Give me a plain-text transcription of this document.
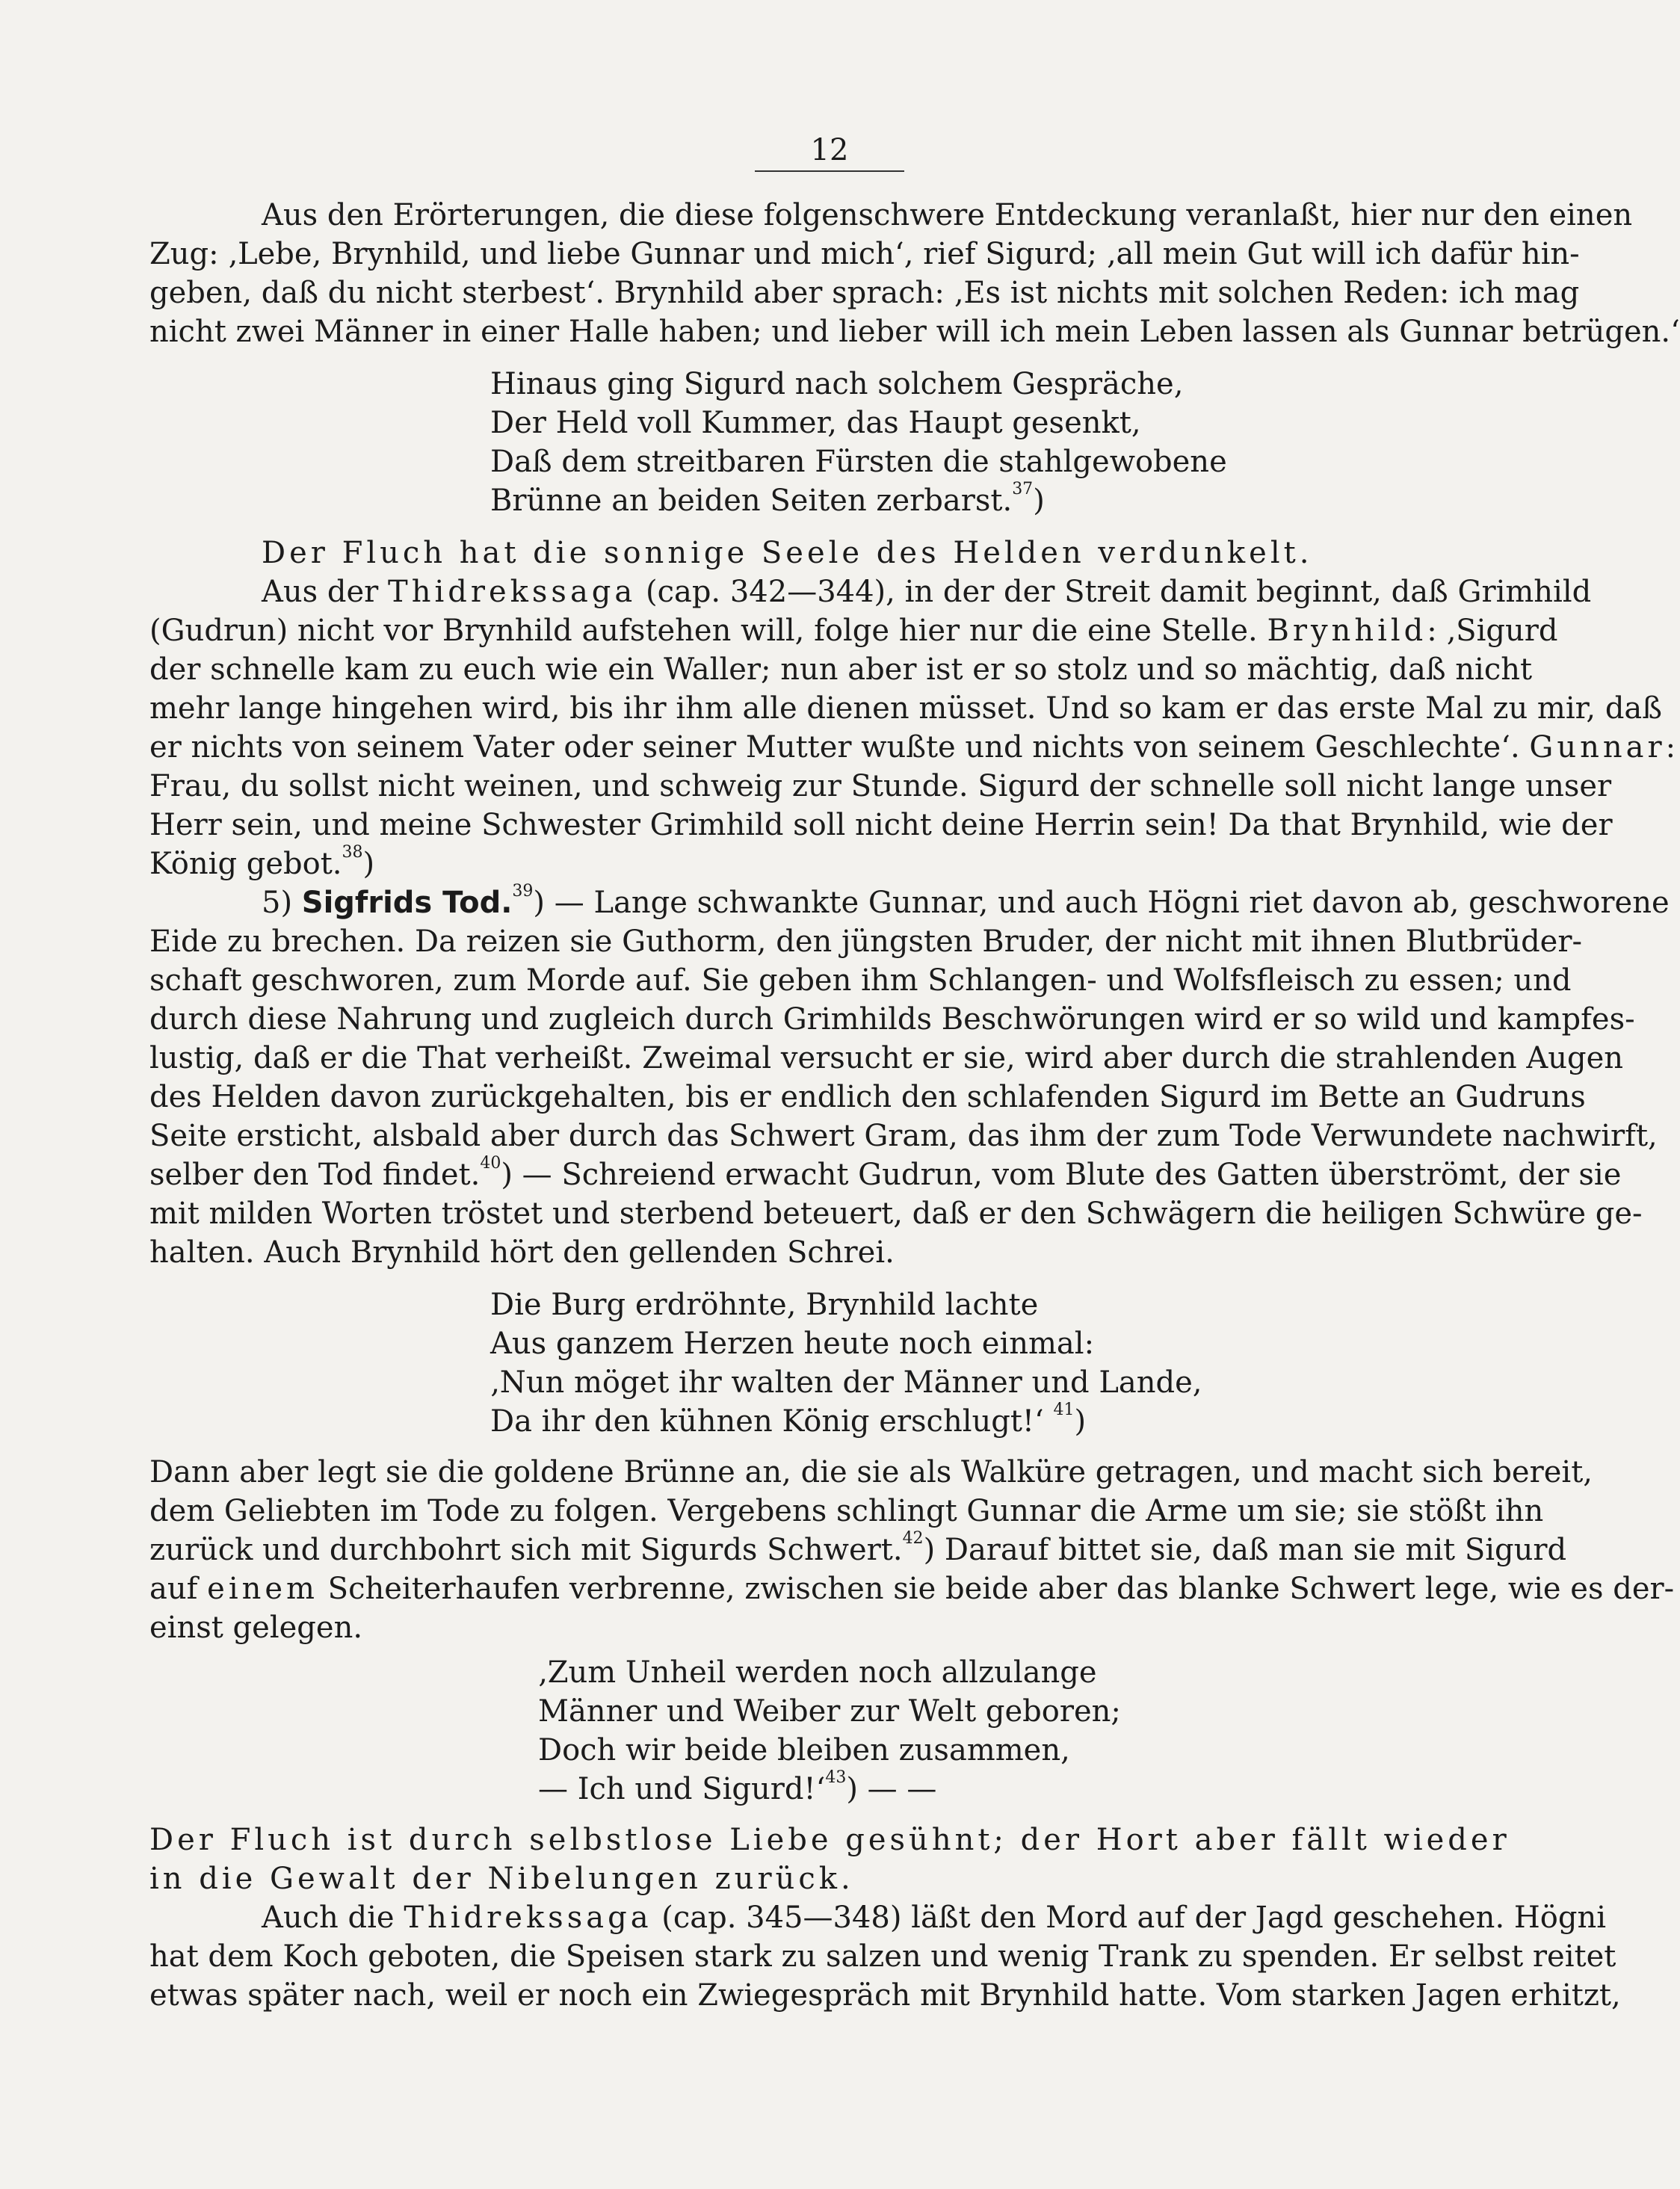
12

Aus den Erörterungen, die diese folgenschwere Entdeckung veranlaßt, hier nur den einen

Zug: ‚Lebe, Brynhild, und liebe Gunnar und mich‘, rief Sigurd; ‚all mein Gut will ich dafür hin-

geben, daß du nicht sterbest‘. Brynhild aber sprach: ‚Es ist nichts mit solchen Reden: ich mag

nicht zwei Männer in einer Halle haben; und lieber will ich mein Leben lassen als Gunnar betrügen.‘

Hinaus ging Sigurd nach solchem Gespräche,
Der Held voll Kummer, das Haupt gesenkt,
Daß dem streitbaren Fürsten die stahlgewobene
Brünne an beiden Seiten zerbarst.$^{37}$)

Der Fluch hat die sonnige Seele des Helden verdunkelt.

Aus der Thidrekssaga (cap. 342—344), in der der Streit damit beginnt, daß Grimhild

(Gudrun) nicht vor Brynhild aufstehen will, folge hier nur die eine Stelle. Brynhild: ‚Sigurd

der schnelle kam zu euch wie ein Waller; nun aber ist er so stolz und so mächtig, daß nicht

mehr lange hingehen wird, bis ihr ihm alle dienen müsset. Und so kam er das erste Mal zu mir, daß

er nichts von seinem Vater oder seiner Mutter wußte und nichts von seinem Geschlechte‘. Gunnar:

Frau, du sollst nicht weinen, und schweig zur Stunde. Sigurd der schnelle soll nicht lange unser

Herr sein, und meine Schwester Grimhild soll nicht deine Herrin sein! Da that Brynhild, wie der

König gebot.$^{38}$)

5) Sigfrids Tod.$^{39}$) — Lange schwankte Gunnar, und auch Högni riet davon ab, geschworene

Eide zu brechen. Da reizen sie Guthorm, den jüngsten Bruder, der nicht mit ihnen Blutbrüder-

schaft geschworen, zum Morde auf. Sie geben ihm Schlangen- und Wolfsfleisch zu essen; und

durch diese Nahrung und zugleich durch Grimhilds Beschwörungen wird er so wild und kampfes-

lustig, daß er die That verheißt. Zweimal versucht er sie, wird aber durch die strahlenden Augen

des Helden davon zurückgehalten, bis er endlich den schlafenden Sigurd im Bette an Gudruns

Seite ersticht, alsbald aber durch das Schwert Gram, das ihm der zum Tode Verwundete nachwirft,

selber den Tod findet.$^{40}$) — Schreiend erwacht Gudrun, vom Blute des Gatten überströmt, der sie

mit milden Worten tröstet und sterbend beteuert, daß er den Schwägern die heiligen Schwüre ge-

halten. Auch Brynhild hört den gellenden Schrei.

Die Burg erdröhnte, Brynhild lachte
Aus ganzem Herzen heute noch einmal:
‚Nun möget ihr walten der Männer und Lande,
Da ihr den kühnen König erschlugt!‘ $^{41}$)

Dann aber legt sie die goldene Brünne an, die sie als Walküre getragen, und macht sich bereit,

dem Geliebten im Tode zu folgen. Vergebens schlingt Gunnar die Arme um sie; sie stößt ihn

zurück und durchbohrt sich mit Sigurds Schwert.$^{42}$) Darauf bittet sie, daß man sie mit Sigurd

auf einem Scheiterhaufen verbrenne, zwischen sie beide aber das blanke Schwert lege, wie es der-

einst gelegen.

‚Zum Unheil werden noch allzulange
Männer und Weiber zur Welt geboren;
Doch wir beide bleiben zusammen,
— Ich und Sigurd!‘$^{43}$) — —

Der Fluch ist durch selbstlose Liebe gesühnt; der Hort aber fällt wieder

in die Gewalt der Nibelungen zurück.

Auch die Thidrekssaga (cap. 345—348) läßt den Mord auf der Jagd geschehen. Högni

hat dem Koch geboten, die Speisen stark zu salzen und wenig Trank zu spenden. Er selbst reitet

etwas später nach, weil er noch ein Zwiegespräch mit Brynhild hatte. Vom starken Jagen erhitzt,
